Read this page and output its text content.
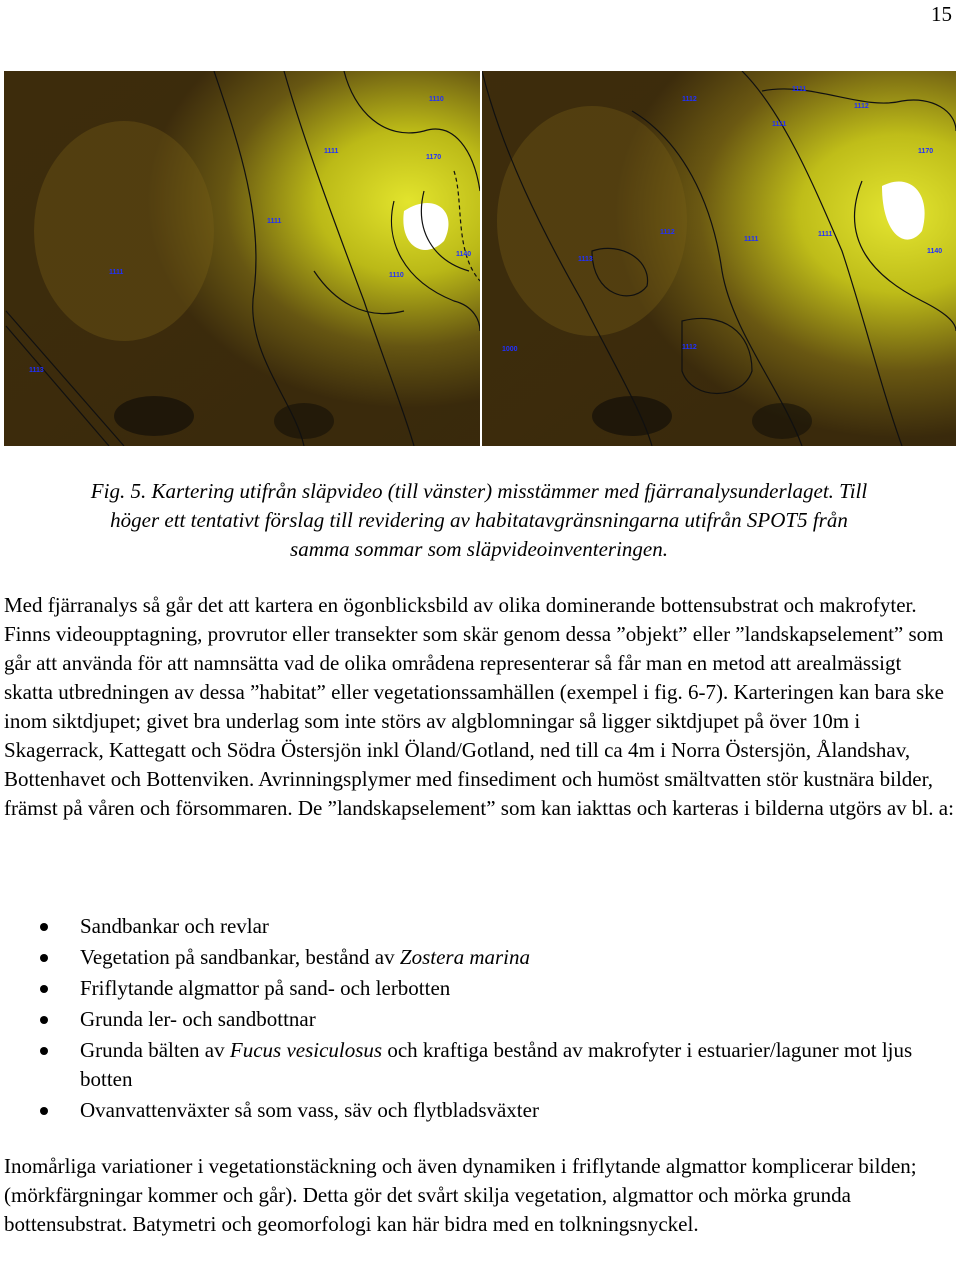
15
1110
1111
1170
1111
1111	1110
1140
1113
1112
1111
1112
1111
1170
1112
1111
1111
1113
1140
1000	1112
Fig. 5. Kartering utifrån släpvideo (till vänster) misstämmer med fjärranalysunderlaget. Till
höger ett tentativt förslag till revidering av habitatavgränsningarna utifrån SPOT5 från
samma sommar som släpvideoinventeringen.

Med fjärranalys så går det att kartera en ögonblicksbild av olika dominerande bottensubstrat och makrofyter. Finns videoupptagning, provrutor eller transekter som skär genom dessa ”objekt” eller ”landskapselement” som går att använda för att namnsätta vad de olika områdena representerar så får man en metod att arealmässigt skatta utbredningen av dessa ”habitat” eller vegetationssamhällen (exempel i fig. 6-7). Karteringen kan bara ske inom siktdjupet; givet bra underlag som inte störs av algblomningar så ligger siktdjupet på över 10m i Skagerrack, Kattegatt och Södra Östersjön inkl Öland/Gotland, ned till ca 4m i Norra Östersjön, Ålandshav, Bottenhavet och Bottenviken. Avrinningsplymer med finsediment och humöst smältvatten stör kustnära bilder, främst på våren och försommaren. De ”landskapselement” som kan iakttas och karteras i bilderna utgörs av bl. a:

Sandbankar och revlar
Vegetation på sandbankar, bestånd av Zostera marina
Friflytande algmattor på sand- och lerbotten
Grunda ler- och sandbottnar
Grunda bälten av Fucus vesiculosus och kraftiga bestånd av makrofyter i estuarier/laguner mot ljus botten
Ovanvattenväxter så som vass, säv och flytbladsväxter

Inomårliga variationer i vegetationstäckning och även dynamiken i friflytande algmattor komplicerar bilden; (mörkfärgningar kommer och går). Detta gör det svårt skilja vegetation, algmattor och mörka grunda bottensubstrat. Batymetri och geomorfologi kan här bidra med en tolkningsnyckel.
